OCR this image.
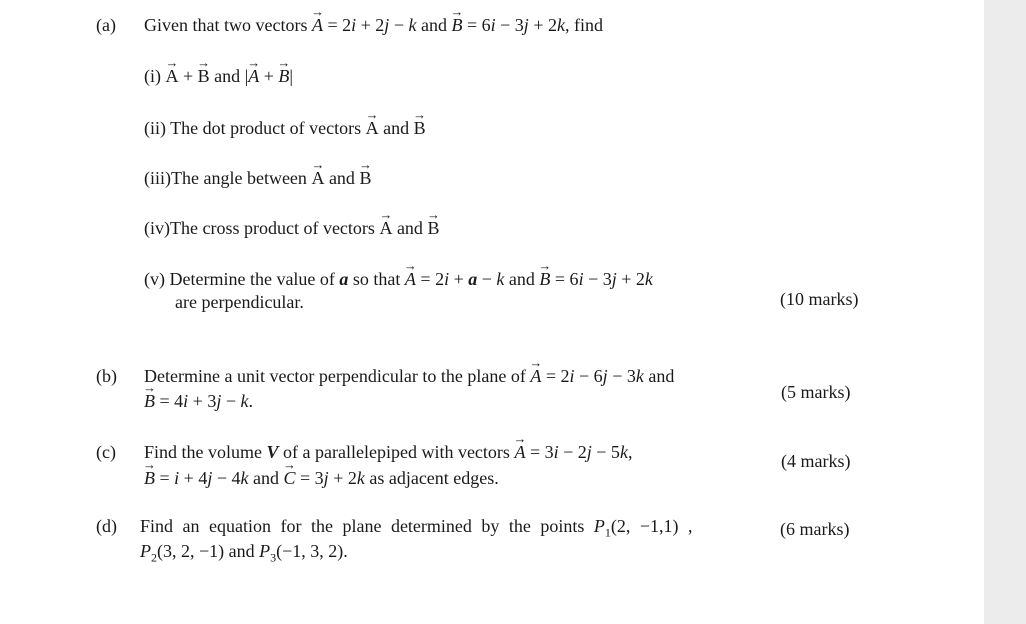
(a) Given that two vectors → A = 2i + 2j − k and → B = 6i − 3j + 2k, find
(i) → A + → B and |→ A + → B|
(ii) The dot product of vectors → A and → B
(iii)The angle between → A and → B
(iv)The cross product of vectors → A and → B
(v) Determine the value of a so that → A = 2i + a − k and → B = 6i − 3j + 2k
are perpendicular.	(10 marks)
(b) Determine a unit vector perpendicular to the plane of → A = 2i − 6j − 3k and
→ B = 4i + 3j − k.	(5 marks)
(c) Find the volume V of a parallelepiped with vectors → A = 3i − 2j − 5k,
→ B = i + 4j − 4k and → C = 3j + 2k as adjacent edges.
(4 marks)
(d) Find an equation for the plane determined by the points $P_1(2$, −1,1) ,
$P_2(3$, 2, −1) and $P_3(-1$, 3, 2).
(6 marks)
